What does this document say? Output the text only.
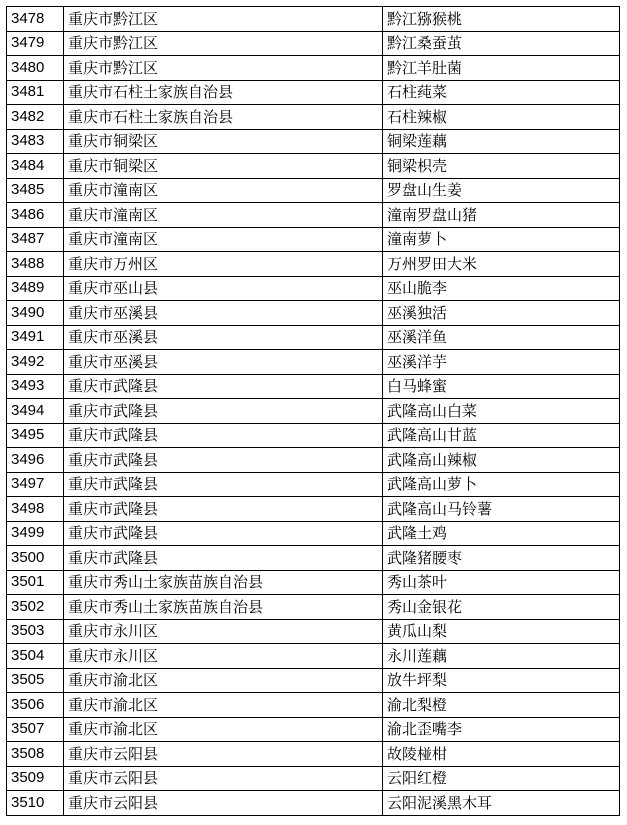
3478	重庆市黔江区	黔江猕猴桃
3479	重庆市黔江区	黔江桑蚕茧
3480	重庆市黔江区	黔江羊肚菌
3481	重庆市石柱土家族自治县	石柱莼菜
3482	重庆市石柱土家族自治县	石柱辣椒
3483	重庆市铜梁区	铜梁莲藕
3484	重庆市铜梁区	铜梁枳壳
3485	重庆市潼南区	罗盘山生姜
3486	重庆市潼南区	潼南罗盘山猪
3487	重庆市潼南区	潼南萝卜
3488	重庆市万州区	万州罗田大米
3489	重庆市巫山县	巫山脆李
3490	重庆市巫溪县	巫溪独活
3491	重庆市巫溪县	巫溪洋鱼
3492	重庆市巫溪县	巫溪洋芋
3493	重庆市武隆县	白马蜂蜜
3494	重庆市武隆县	武隆高山白菜
3495	重庆市武隆县	武隆高山甘蓝
3496	重庆市武隆县	武隆高山辣椒
3497	重庆市武隆县	武隆高山萝卜
3498	重庆市武隆县	武隆高山马铃薯
3499	重庆市武隆县	武隆土鸡
3500	重庆市武隆县	武隆猪腰枣
3501	重庆市秀山土家族苗族自治县	秀山茶叶
3502	重庆市秀山土家族苗族自治县	秀山金银花
3503	重庆市永川区	黄瓜山梨
3504	重庆市永川区	永川莲藕
3505	重庆市渝北区	放牛坪梨
3506	重庆市渝北区	渝北梨橙
3507	重庆市渝北区	渝北歪嘴李
3508	重庆市云阳县	故陵椪柑
3509	重庆市云阳县	云阳红橙
3510	重庆市云阳县	云阳泥溪黑木耳
